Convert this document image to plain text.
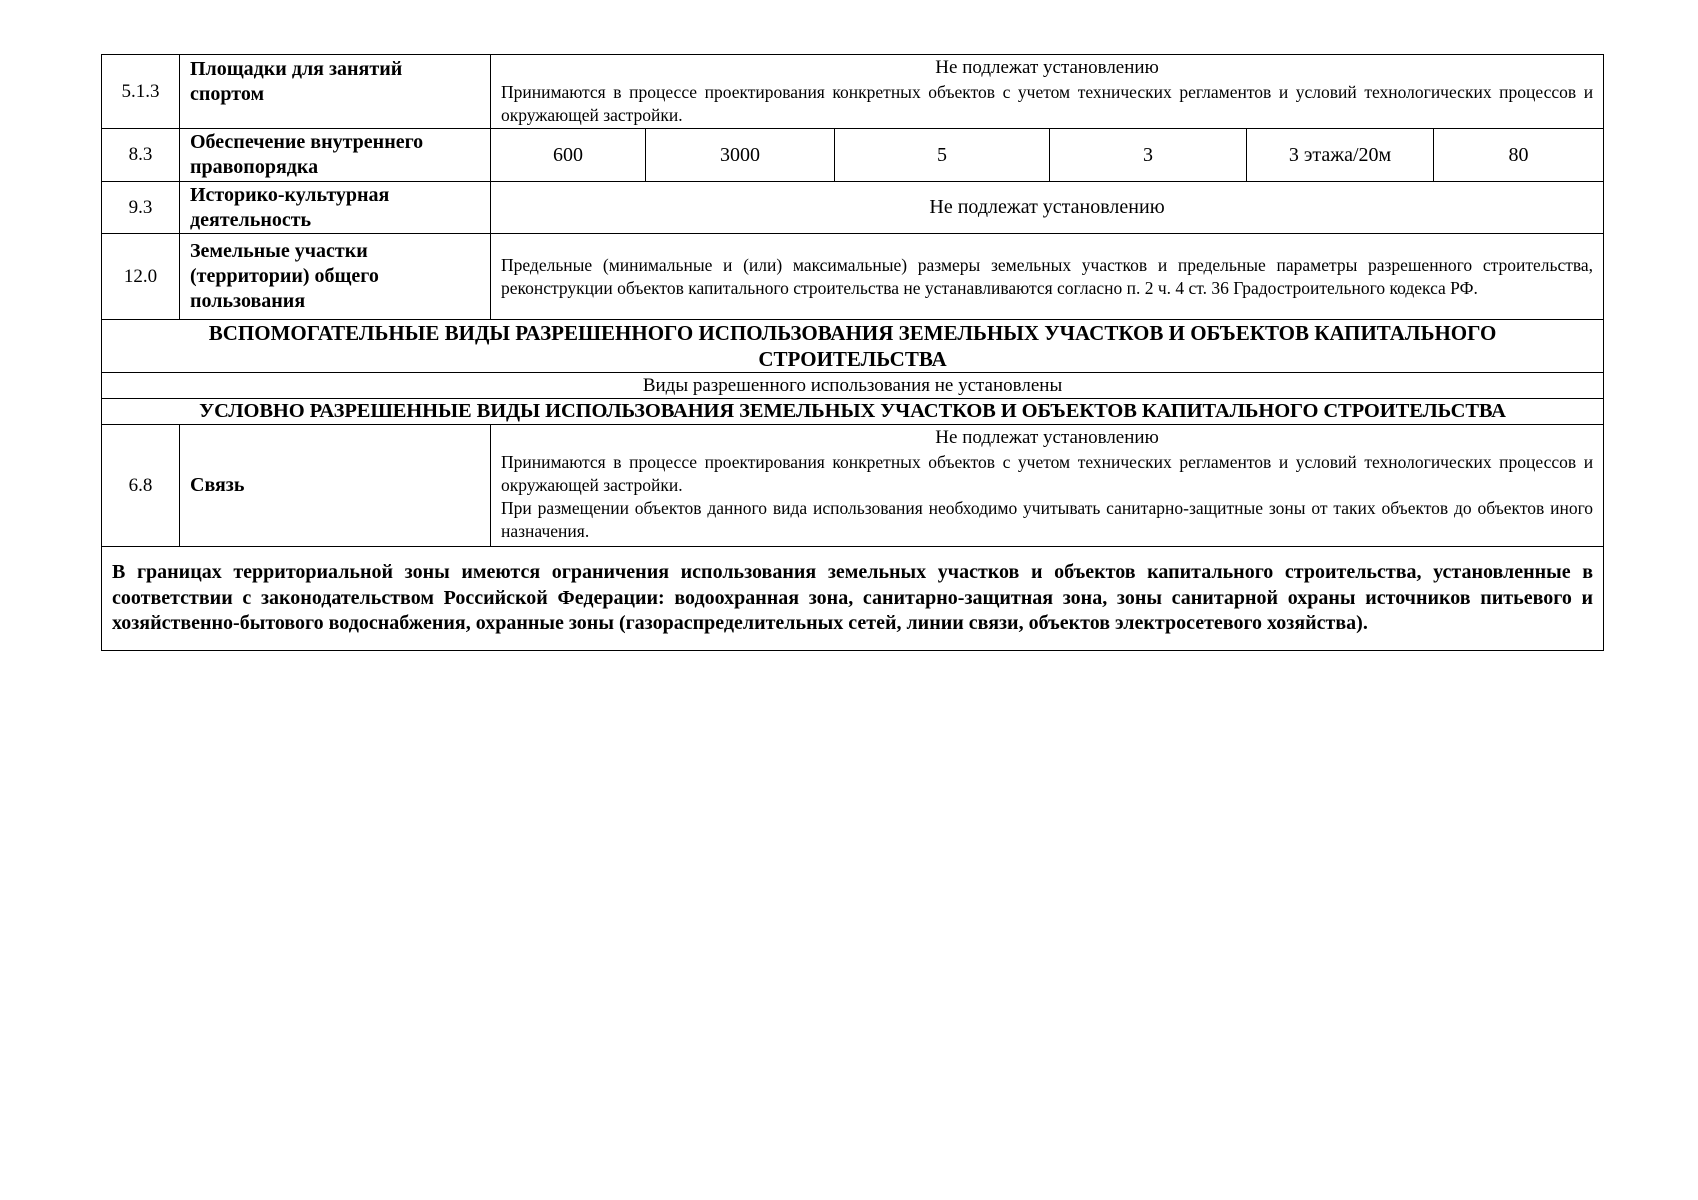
5.1.3	Площадки для занятий спортом	
Не подлежат установлению
Принимаются в процессе проектирования конкретных объектов с учетом технических регламентов и условий технологических процессов и окружающей застройки.

8.3	Обеспечение внутреннего правопорядка	600	3000	5	3	3 этажа/20м	80
9.3	Историко-культурная деятельность	Не подлежат установлению
12.0	Земельные участки (территории) общего пользования	Предельные (минимальные и (или) максимальные) размеры земельных участков и предельные параметры разрешенного строительства, реконструкции объектов капитального строительства не устанавливаются согласно п. 2 ч. 4 ст. 36 Градостроительного кодекса РФ.
ВСПОМОГАТЕЛЬНЫЕ ВИДЫ РАЗРЕШЕННОГО ИСПОЛЬЗОВАНИЯ ЗЕМЕЛЬНЫХ УЧАСТКОВ И ОБЪЕКТОВ КАПИТАЛЬНОГО СТРОИТЕЛЬСТВА
Виды разрешенного использования не установлены
УСЛОВНО РАЗРЕШЕННЫЕ ВИДЫ ИСПОЛЬЗОВАНИЯ ЗЕМЕЛЬНЫХ УЧАСТКОВ И ОБЪЕКТОВ КАПИТАЛЬНОГО СТРОИТЕЛЬСТВА
6.8	Связь	
Не подлежат установлению
Принимаются в процессе проектирования конкретных объектов с учетом технических регламентов и условий технологических процессов и окружающей застройки.
При размещении объектов данного вида использования необходимо учитывать санитарно-защитные зоны от таких объектов до объектов иного назначения.

В границах территориальной зоны имеются ограничения использования земельных участков и объектов капитального строительства, установленные в соответствии с законодательством Российской Федерации: водоохранная зона, санитарно-защитная зона, зоны санитарной охраны источников питьевого и хозяйственно-бытового водоснабжения, охранные зоны (газораспределительных сетей, линии связи, объектов электросетевого хозяйства).
